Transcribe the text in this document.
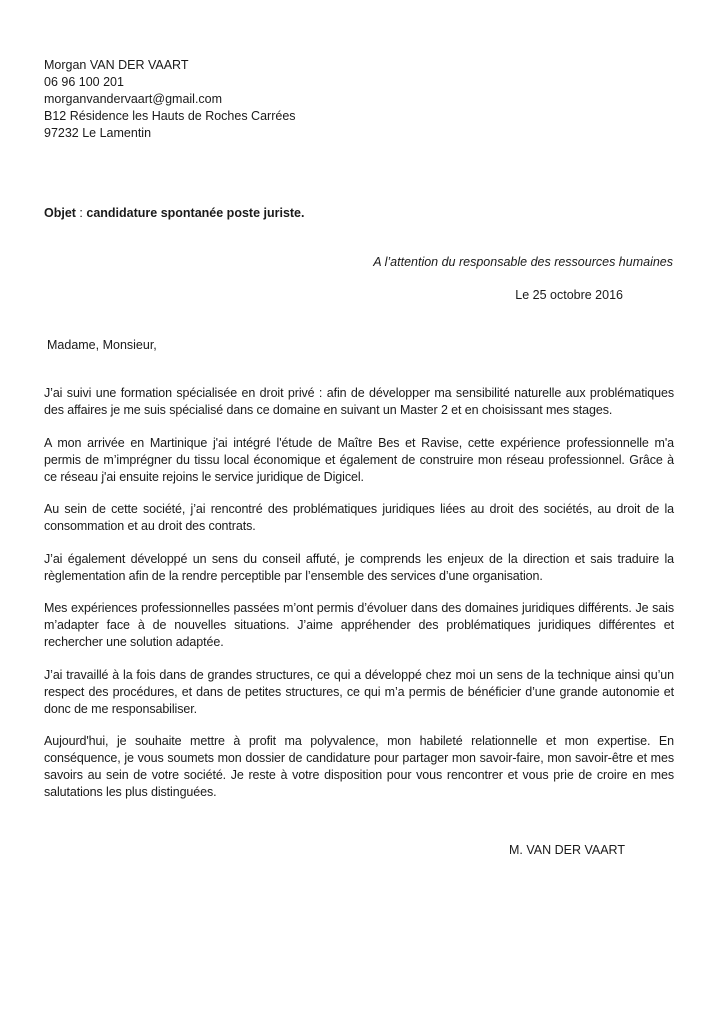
Morgan VAN DER VAART
06 96 100 201
morganvandervaart@gmail.com
B12 Résidence les Hauts de Roches Carrées
97232 Le Lamentin
Objet : candidature spontanée poste juriste.
A l’attention du responsable des ressources humaines
Le 25 octobre 2016
Madame, Monsieur,

J’ai suivi une formation spécialisée en droit privé : afin de développer ma sensibilité naturelle aux problématiques des affaires je me suis spécialisé dans ce domaine en suivant un Master 2 et en choisissant mes stages.

A mon arrivée en Martinique j'ai intégré l'étude de Maître Bes et Ravise, cette expérience professionnelle m'a permis de m’imprégner du tissu local économique et également de construire mon réseau professionnel. Grâce à ce réseau j'ai ensuite rejoins le service juridique de Digicel.

Au sein de cette société, j’ai rencontré des problématiques juridiques liées au droit des sociétés, au droit de la consommation et au droit des contrats.

J’ai également développé un sens du conseil affuté, je comprends les enjeux de la direction et sais traduire la règlementation afin de la rendre perceptible par l’ensemble des services d’une organisation.

Mes expériences professionnelles passées m’ont permis d’évoluer dans des domaines juridiques différents. Je sais m’adapter face à de nouvelles situations. J’aime appréhender des problématiques juridiques différentes et rechercher une solution adaptée.

J’ai travaillé à la fois dans de grandes structures, ce qui a développé chez moi un sens de la technique ainsi qu’un respect des procédures, et dans de petites structures, ce qui m’a permis de bénéficier d’une grande autonomie et donc de me responsabiliser.

Aujourd'hui, je souhaite mettre à profit ma polyvalence, mon habileté relationnelle et mon expertise. En conséquence, je vous soumets mon dossier de candidature pour partager mon savoir-faire, mon savoir-être et mes savoirs au sein de votre société. Je reste à votre disposition pour vous rencontrer et vous prie de croire en mes salutations les plus distinguées.

M. VAN DER VAART
